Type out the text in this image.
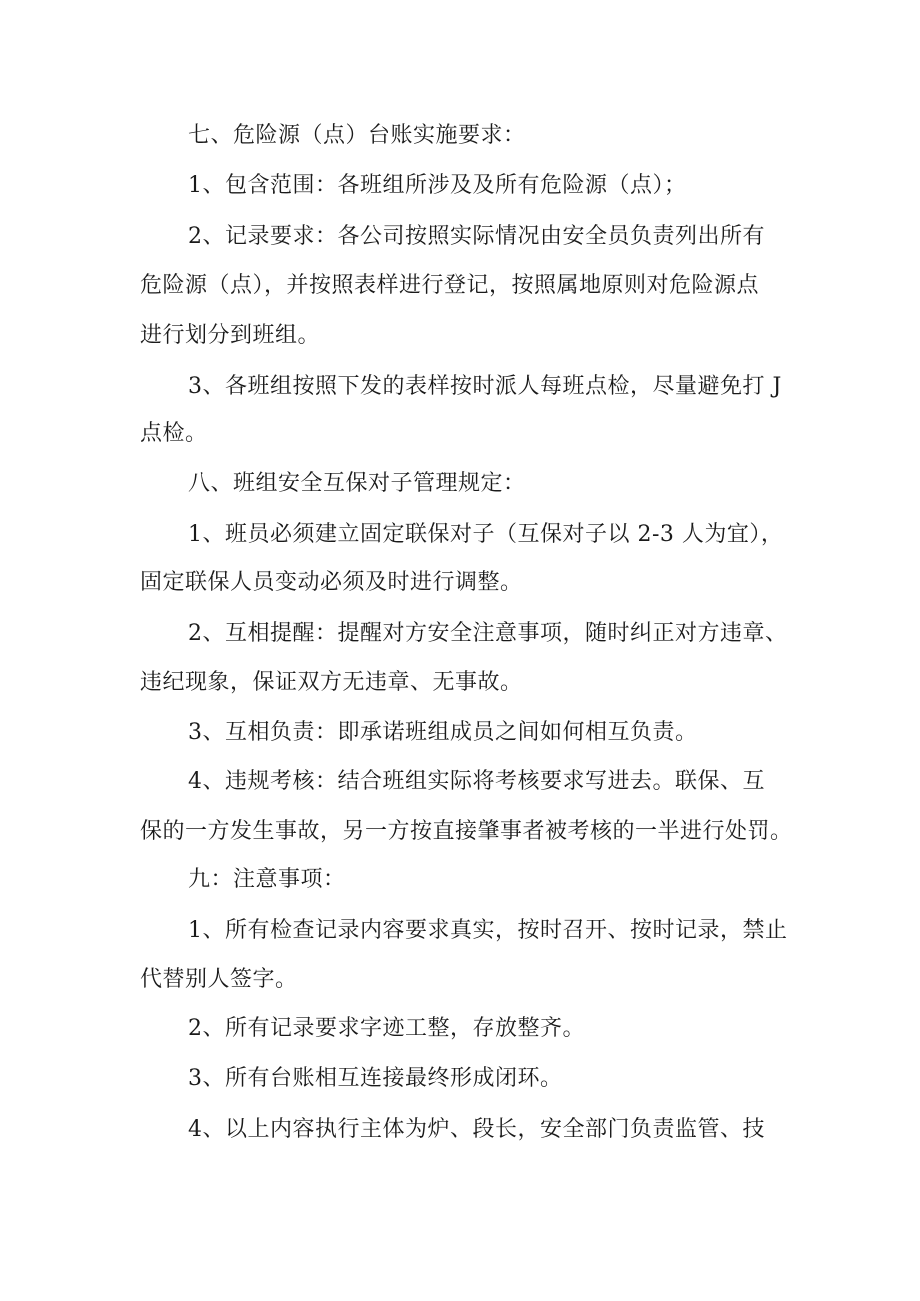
七、危险源（点）台账实施要求：
1、包含范围：各班组所涉及及所有危险源（点）；
2、记录要求：各公司按照实际情况由安全员负责列出所有
危险源（点），并按照表样进行登记，按照属地原则对危险源点
进行划分到班组。
3、各班组按照下发的表样按时派人每班点检，尽量避免打 J
点检。
八、班组安全互保对子管理规定：
1、班员必须建立固定联保对子（互保对子以 2-3 人为宜），
固定联保人员变动必须及时进行调整。
2、互相提醒：提醒对方安全注意事项，随时纠正对方违章、
违纪现象，保证双方无违章、无事故。
3、互相负责：即承诺班组成员之间如何相互负责。
4、违规考核：结合班组实际将考核要求写进去。联保、互
保的一方发生事故，另一方按直接肇事者被考核的一半进行处罚。
九：注意事项：
1、所有检查记录内容要求真实，按时召开、按时记录，禁止
代替别人签字。
2、所有记录要求字迹工整，存放整齐。
3、所有台账相互连接最终形成闭环。
4、以上内容执行主体为炉、段长，安全部门负责监管、技
